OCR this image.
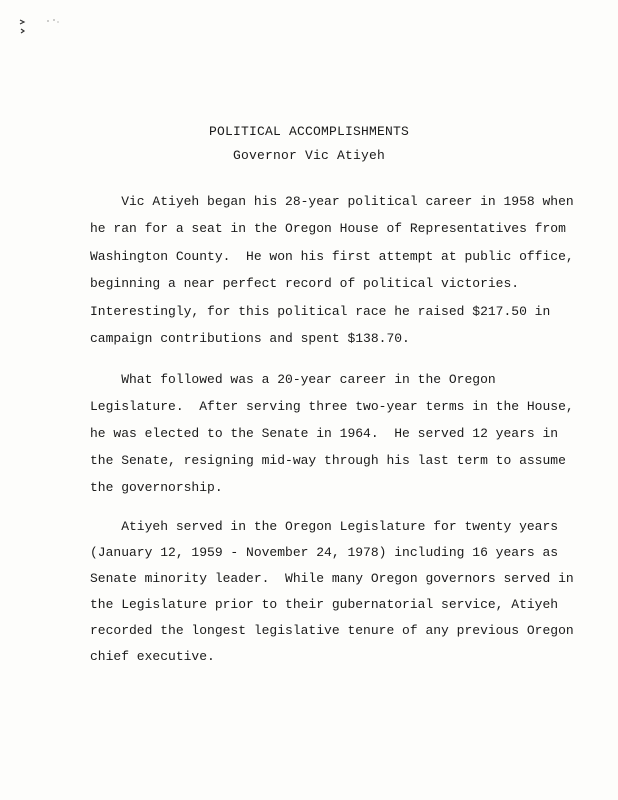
POLITICAL ACCOMPLISHMENTS
Governor Vic Atiyeh
Vic Atiyeh began his 28-year political career in 1958 when
he ran for a seat in the Oregon House of Representatives from
Washington County.  He won his first attempt at public office,
beginning a near perfect record of political victories.
Interestingly, for this political race he raised $217.50 in
campaign contributions and spent $138.70.
What followed was a 20-year career in the Oregon
Legislature.  After serving three two-year terms in the House,
he was elected to the Senate in 1964.  He served 12 years in
the Senate, resigning mid-way through his last term to assume
the governorship.
Atiyeh served in the Oregon Legislature for twenty years
(January 12, 1959 - November 24, 1978) including 16 years as
Senate minority leader.  While many Oregon governors served in
the Legislature prior to their gubernatorial service, Atiyeh
recorded the longest legislative tenure of any previous Oregon
chief executive.
